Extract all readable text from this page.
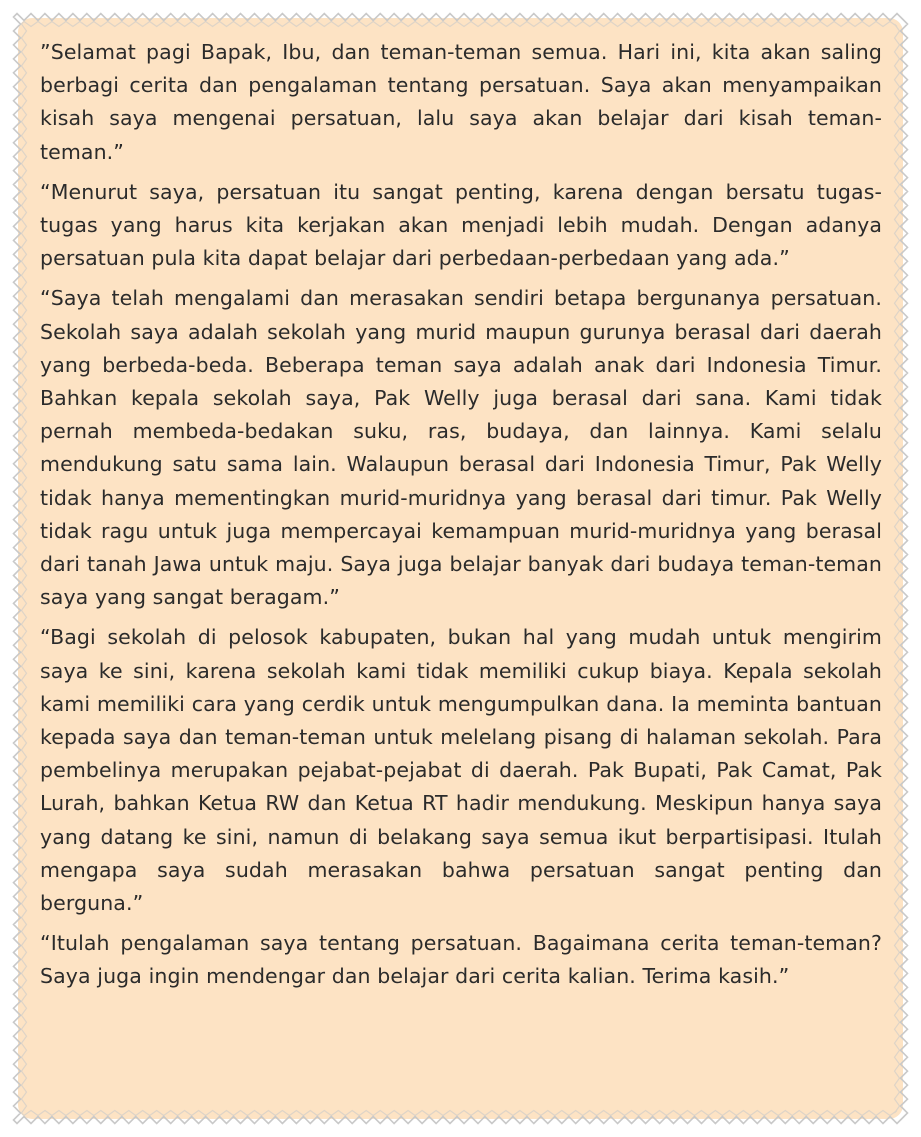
”Selamat pagi Bapak, Ibu, dan teman-teman semua. Hari ini, kita akan saling berbagi cerita dan pengalaman tentang persatuan. Saya akan menyampaikan kisah saya mengenai persatuan, lalu saya akan belajar dari kisah teman-teman.”

“Menurut saya, persatuan itu sangat penting, karena dengan bersatu tugas-tugas yang harus kita kerjakan akan menjadi lebih mudah. Dengan adanya persatuan pula kita dapat belajar dari perbedaan-perbedaan yang ada.”

“Saya telah mengalami dan merasakan sendiri betapa bergunanya persatuan. Sekolah saya adalah sekolah yang murid maupun gurunya berasal dari daerah yang berbeda-beda. Beberapa teman saya adalah anak dari Indonesia Timur. Bahkan kepala sekolah saya, Pak Welly juga berasal dari sana. Kami tidak pernah membeda-bedakan suku, ras, budaya, dan lainnya. Kami selalu mendukung satu sama lain. Walaupun berasal dari Indonesia Timur, Pak Welly tidak hanya mementingkan murid-muridnya yang berasal dari timur. Pak Welly tidak ragu untuk juga mempercayai kemampuan murid-muridnya yang berasal dari tanah Jawa untuk maju. Saya juga belajar banyak dari budaya teman-teman saya yang sangat beragam.”

“Bagi sekolah di pelosok kabupaten, bukan hal yang mudah untuk mengirim saya ke sini, karena sekolah kami tidak memiliki cukup biaya. Kepala sekolah kami memiliki cara yang cerdik untuk mengumpulkan dana. Ia meminta bantuan kepada saya dan teman-teman untuk melelang pisang di halaman sekolah. Para pembelinya merupakan pejabat-pejabat di daerah. Pak Bupati, Pak Camat, Pak Lurah, bahkan Ketua RW dan Ketua RT hadir mendukung. Meskipun hanya saya yang datang ke sini, namun di belakang saya semua ikut berpartisipasi. Itulah mengapa saya sudah merasakan bahwa persatuan sangat penting dan berguna.”

“Itulah pengalaman saya tentang persatuan. Bagaimana cerita teman-teman? Saya juga ingin mendengar dan belajar dari cerita kalian. Terima kasih.”
